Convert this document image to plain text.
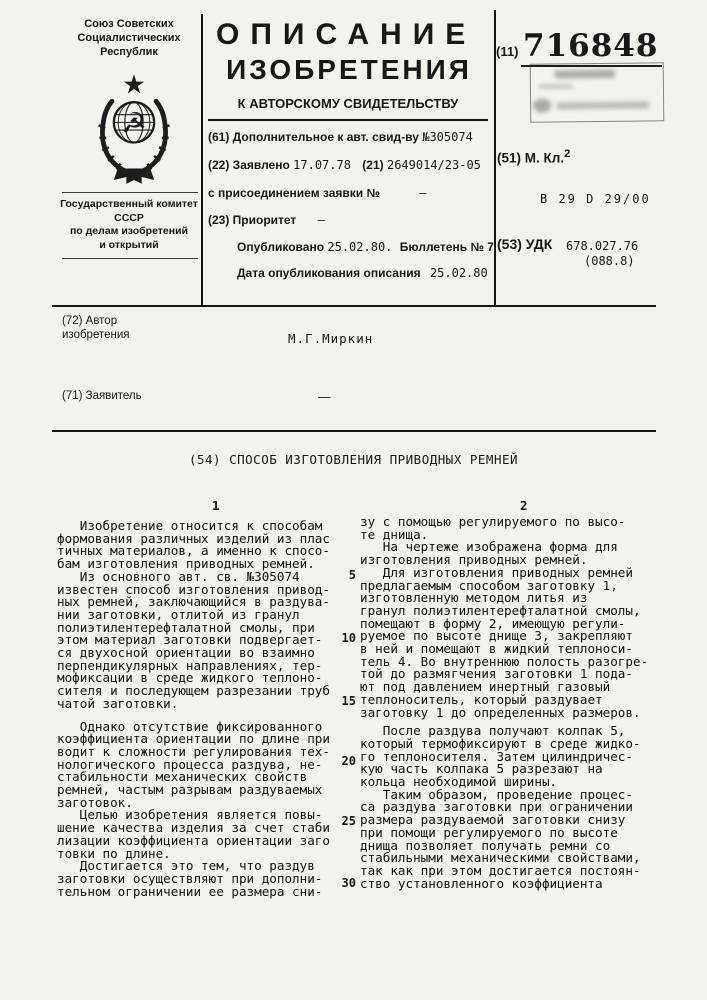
Союз Советских
Социалистических
Республик
☭
Государственный комитет
СССР
по делам изобретений
и открытий
ОПИСАНИЕ
ИЗОБРЕТЕНИЯ
К АВТОРСКОМУ СВИДЕТЕЛЬСТВУ
(61) Дополнительное к авт. свид-ву №305074
(22) Заявлено 17.07.78 (21) 2649014/23-05
с присоединением заявки №	—
(23) Приоритет —
Опубликовано 25.02.80. Бюллетень № 7
Дата опубликования описания 25.02.80
(11) 716848
(51) М. Кл.$^2$
В 29 D 29/00
(53) УДК 678.027.76
(088.8)
(72) Автор
изобретения	М.Г.Миркин
(71) Заявитель	—
(54) СПОСОБ ИЗГОТОВЛЕНИЯ ПРИВОДНЫХ РЕМНЕЙ
1	2
Изобретение относится к способам
формования различных изделий из плас
тичных материалов, а именно к спосо-
бам изготовления приводных ремней.
Из основного авт. св. №305074
известен способ изготовления привод-
ных ремней, заключающийся в раздува-
нии заготовки, отлитой из гранул
полиэтилентерефталатной смолы, при
этом материал заготовки подвергает-
ся двухосной ориентации во взаимно
перпендикулярных направлениях, тер-
мофиксации в среде жидкого теплоно-
сителя и последующем разрезании труб
чатой заготовки.
Однако отсутствие фиксированного
коэффициента ориентации по длине при
водит к сложности регулирования тех-
нологического процесса раздува, не-
стабильности механических свойств
ремней, частым разрывам раздуваемых
заготовок.
Целью изобретения является повы-
шение качества изделия за счет стаби
лизации коэффициента ориентации заго
товки по длине.
Достигается это тем, что раздув
заготовки осуществляют при дополни-
тельном ограничении ее размера сни-
зу с помощью регулируемого по высо-
те днища.
На чертеже изображена форма для
изготовления приводных ремней.
Для изготовления приводных ремней
предлагаемым способом заготовку 1,
изготовленную методом литья из
гранул полиэтилентерефталатной смолы,
помещают в форму 2, имеющую регули-
руемое по высоте днище 3, закрепляют
в ней и помещают в жидкий теплоноси-
тель 4. Во внутреннюю полость разогре-
той до размягчения заготовки 1 пода-
ют под давлением инертный газовый
теплоноситель, который раздувает
заготовку 1 до определенных размеров.
После раздува получают колпак 5,
который термофиксируют в среде жидко-
го теплоносителя. Затем цилиндричес-
кую часть колпака 5 разрезают на
кольца необходимой ширины.
Таким образом, проведение процес-
са раздува заготовки при ограничении
размера раздуваемой заготовки снизу
при помощи регулируемого по высоте
днища позволяет получать ремни со
стабильными механическими свойствами,
так как при этом достигается постоян-
ство установленного коэффициента
5
10
15
20
25
30
